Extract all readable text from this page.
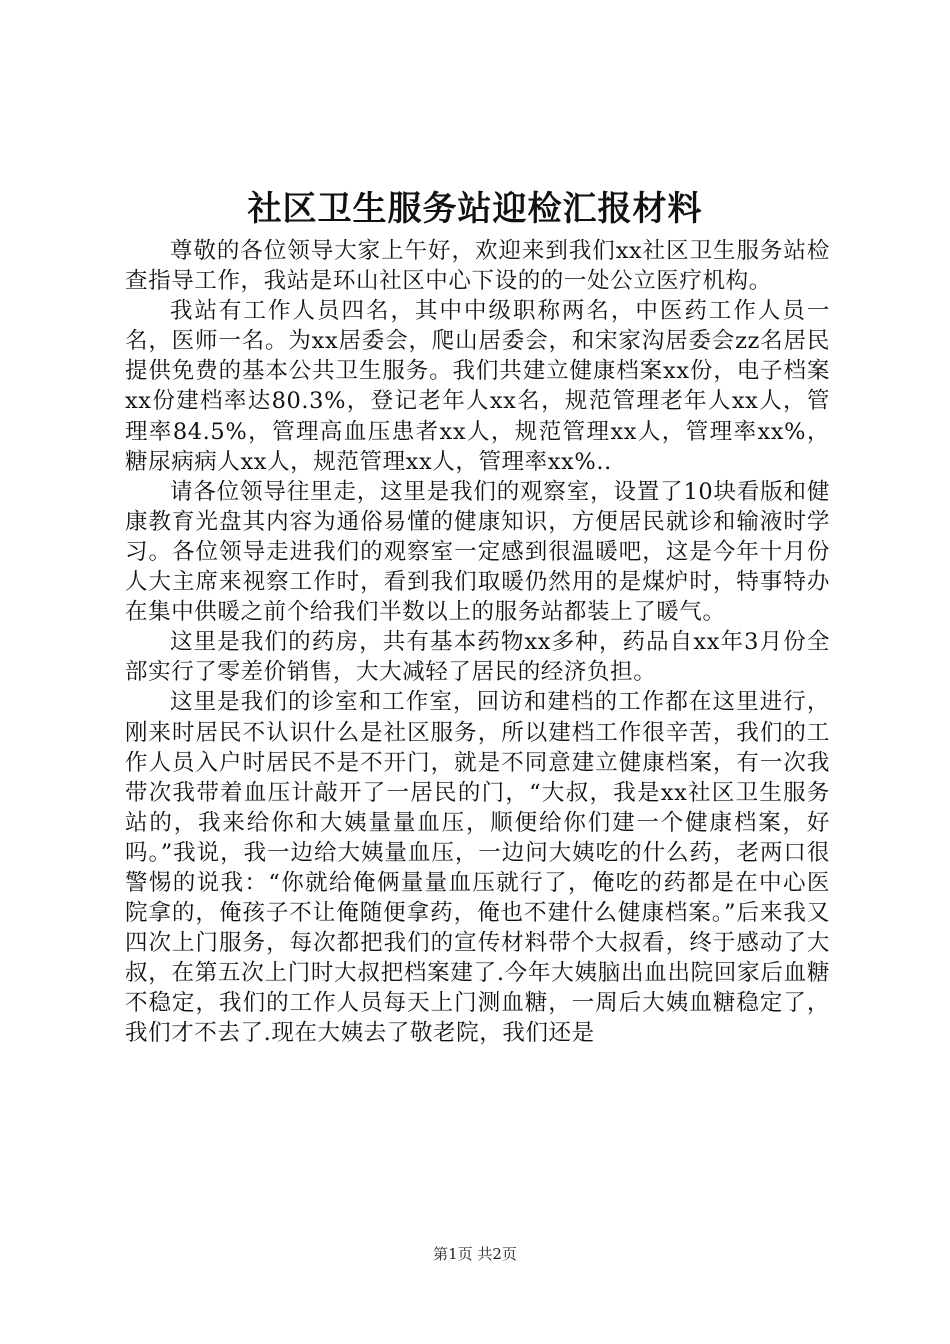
社区卫生服务站迎检汇报材料

尊敬的各位领导大家上午好，欢迎来到我们xx社区卫生服务站检查指导工作，我站是环山社区中心下设的的一处公立医疗机构。

我站有工作人员四名，其中中级职称两名，中医药工作人员一名，医师一名。为xx居委会，爬山居委会，和宋家沟居委会zz名居民提供免费的基本公共卫生服务。我们共建立健康档案xx份，电子档案xx份建档率达80.3%，登记老年人xx名，规范管理老年人xx人，管理率84.5%，管理高血压患者xx人，规范管理xx人，管理率xx%，糖尿病病人xx人，规范管理xx人，管理率xx%..

请各位领导往里走，这里是我们的观察室，设置了10块看版和健康教育光盘其内容为通俗易懂的健康知识，方便居民就诊和输液时学习。各位领导走进我们的观察室一定感到很温暖吧，这是今年十月份人大主席来视察工作时，看到我们取暖仍然用的是煤炉时，特事特办在集中供暖之前个给我们半数以上的服务站都装上了暖气。

这里是我们的药房，共有基本药物xx多种，药品自xx年3月份全部实行了零差价销售，大大减轻了居民的经济负担。

这里是我们的诊室和工作室，回访和建档的工作都在这里进行，刚来时居民不认识什么是社区服务，所以建档工作很辛苦，我们的工作人员入户时居民不是不开门，就是不同意建立健康档案，有一次我带次我带着血压计敲开了一居民的门，“大叔，我是xx社区卫生服务站的，我来给你和大姨量量血压，顺便给你们建一个健康档案，好吗。”我说，我一边给大姨量血压，一边问大姨吃的什么药，老两口很警惕的说我：“你就给俺俩量量血压就行了，俺吃的药都是在中心医院拿的，俺孩子不让俺随便拿药，俺也不建什么健康档案。”后来我又四次上门服务，每次都把我们的宣传材料带个大叔看，终于感动了大叔，在第五次上门时大叔把档案建了.今年大姨脑出血出院回家后血糖不稳定，我们的工作人员每天上门测血糖，一周后大姨血糖稳定了，我们才不去了.现在大姨去了敬老院，我们还是

第1页 共2页
